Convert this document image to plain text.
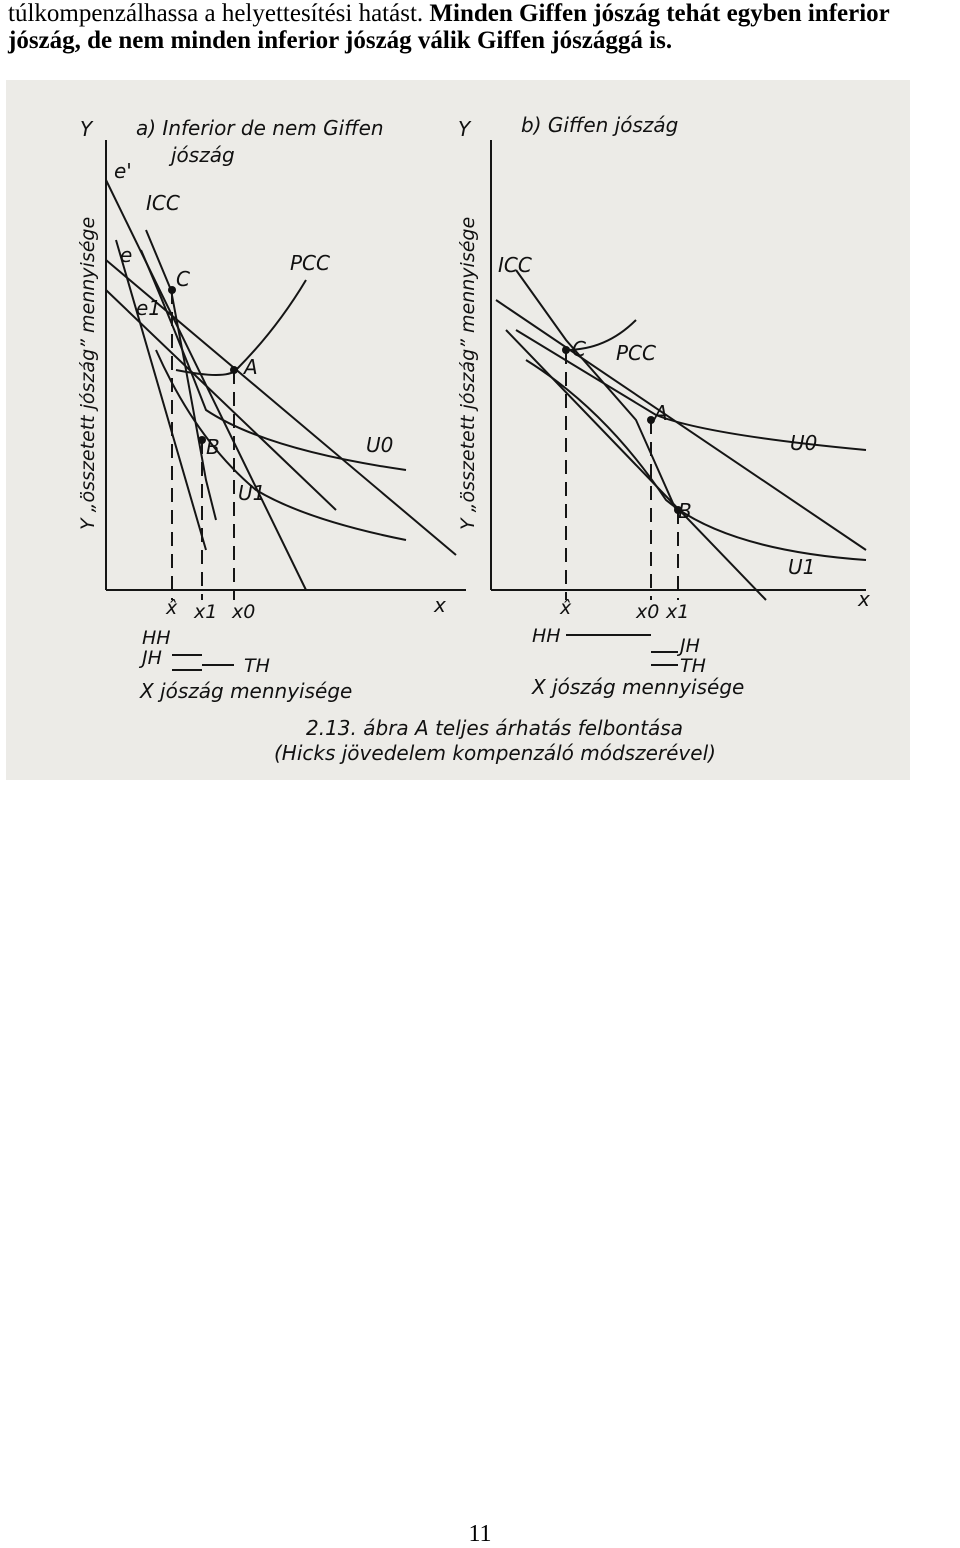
túlkompenzálhassa a helyettesítési hatást. Minden Giffen jószág tehát egyben inferior
jószág, de nem minden inferior jószág válik Giffen jószággá is.
Y a) Inferior de nem Giffen
jószág
e'
ICC
e
C
e1
PCC
A
B	U0
U1
x
x̂ x1 x0
HH
JH	TH
X jószág mennyisége
Y „összetett jószág” mennyisége
Y	b) Giffen jószág
ICC
C PCC
A
B
U0
U1
x
x̂	x0 x1
HH	JH
TH
X jószág mennyisége
Y „összetett jószág” mennyisége
2.13. ábra A teljes árhatás felbontása
(Hicks jövedelem kompenzáló módszerével)
11
